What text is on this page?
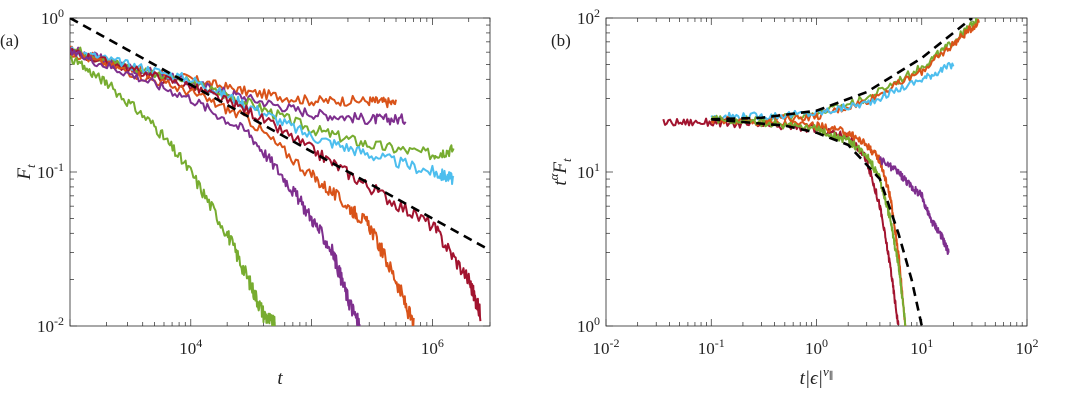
$10^4$	$10^6$
$10^{-2}$
$10^{-1}$
$10^0$
(a)
t
$F_t$
$10^{-2}$	$10^{-1}$	$10^0$	$10^1$	$10^2$
$10^0$
$10^1$
$10^2$
(b)
$t|\epsilon|^\nu\parallel$
$t^\alpha F_t$
